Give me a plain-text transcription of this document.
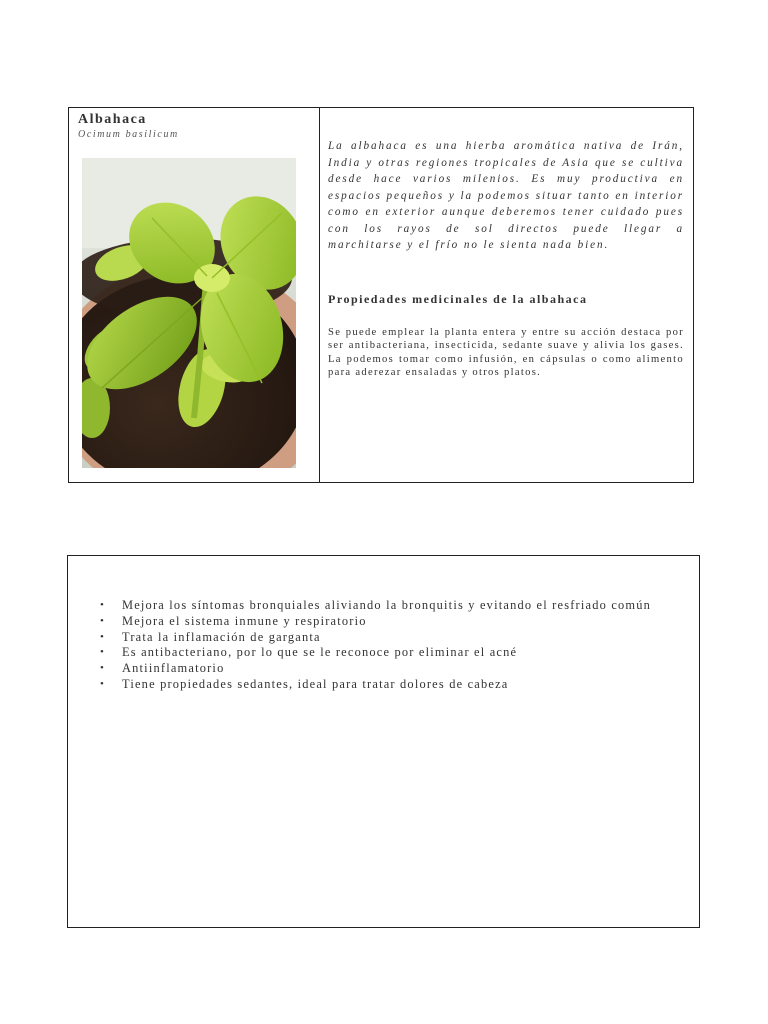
Albahaca
Ocimum basilicum

La albahaca es una hierba aromática nativa de Irán, India y otras regiones tropicales de Asia que se cultiva desde hace varios milenios. Es muy productiva en espacios pequeños y la podemos situar tanto en interior como en exterior aunque deberemos tener cuidado pues con los rayos de sol directos puede llegar a marchitarse y el frío no le sienta nada bien.

Propiedades medicinales de la albahaca

Se puede emplear la planta entera y entre su acción destaca por ser antibacteriana, insecticida, sedante suave y alivia los gases. La podemos tomar como infusión, en cápsulas o como alimento para aderezar ensaladas y otros platos.

• Mejora los síntomas bronquiales aliviando la bronquitis y evitando el resfriado común
• Mejora el sistema inmune y respiratorio
• Trata la inflamación de garganta
• Es antibacteriano, por lo que se le reconoce por eliminar el acné
• Antiinflamatorio
• Tiene propiedades sedantes, ideal para tratar dolores de cabeza
